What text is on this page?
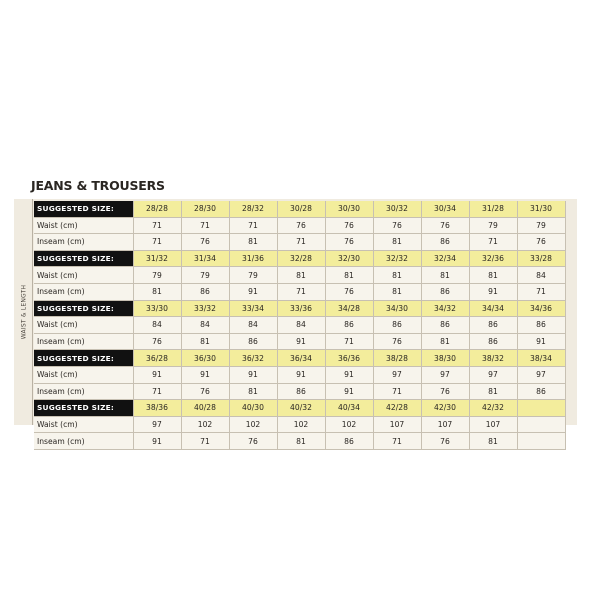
WAIST & LENGTH
JEANS & TROUSERS
SUGGESTED SIZE:	28/28	28/30	28/32	30/28	30/30	30/32	30/34	31/28	31/30
Waist (cm)	71	71	71	76	76	76	76	79	79
Inseam (cm)	71	76	81	71	76	81	86	71	76
SUGGESTED SIZE:	31/32	31/34	31/36	32/28	32/30	32/32	32/34	32/36	33/28
Waist (cm)	79	79	79	81	81	81	81	81	84
Inseam (cm)	81	86	91	71	76	81	86	91	71
SUGGESTED SIZE:	33/30	33/32	33/34	33/36	34/28	34/30	34/32	34/34	34/36
Waist (cm)	84	84	84	84	86	86	86	86	86
Inseam (cm)	76	81	86	91	71	76	81	86	91
SUGGESTED SIZE:	36/28	36/30	36/32	36/34	36/36	38/28	38/30	38/32	38/34
Waist (cm)	91	91	91	91	91	97	97	97	97
Inseam (cm)	71	76	81	86	91	71	76	81	86
SUGGESTED SIZE:	38/36	40/28	40/30	40/32	40/34	42/28	42/30	42/32	
Waist (cm)	97	102	102	102	102	107	107	107	
Inseam (cm)	91	71	76	81	86	71	76	81	
